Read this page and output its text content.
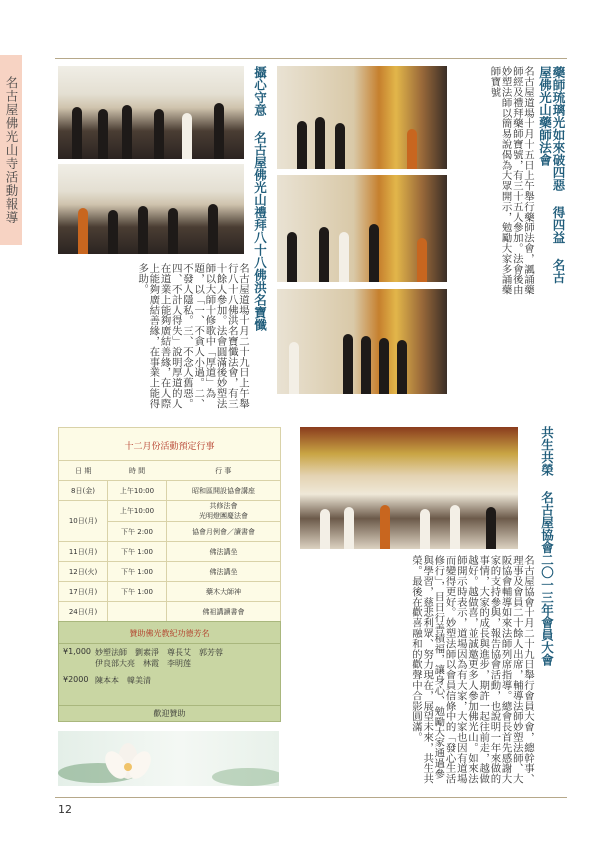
名古屋佛光山寺活動報導
12
藥師琉璃光如來破四惡 得四益 名古屋佛光山藥師法會
名古屋道場十月十五日上午舉行藥師法會，諷誦藥師經及禮拜藥師寶號，有三十五人參加。法會後由妙塑法師以簡易說偈為大眾開示，勉勵大家多誦藥師寶號
攝心守意 名古屋佛光山禮拜八十八佛洪名寶懺
名古屋道場十月二十九日上午舉行八十八佛洪名寶懺法會，有三十餘人參加。法會圓滿後妙塑法師以大師十修歌中「厚道」為題，以「一、不貪人小過。二、不發人隱私。三、不念人舊惡。四、不計人得失」說明厚道的人在道業上能夠廣結善緣，在人際上能夠廣結善緣，在事業上能得多助。
共生共榮 名古屋協會二〇一三年會員大會
名古屋協會十月二十九日舉行會員大會，總幹事、理事及會員二十餘人出席，輔導法師妙塑法師、大阪協會輔導如來法師列席指導。總會長首先感謝大家的支持參與，報告協會活動，也說明一年來做的事情，大家的成長與進步，期許一起往前走，越做越好。越做喜，並誠邀更多人參加佛光山。如來法師開示時表示，道場因為有大家，大家也因有道場而變得更好。妙塑法師以會員信條中的「發心生活修行」，目日行善積福，讓身心、勉勵大家通過參與學習，慈悲利眾、努力現在，展望未來，共生共榮。最後在歡喜融和的歡聲中合影圓滿。
十二月份活動預定行事
日 期	時 間	行 事
8日(金)	上午10:00	昭和區開設協會講座
10日(月)	上午10:00	共修法會
光明燈團慶法會

	下午 2:00	協會月例會／讀書會
11日(月)	下午 1:00	佛法講坐
12日(火)	下午 1:00	佛法講坐
17日(月)	下午 1:00	藥木大師神
24日(月)		佛祖講讀書會
贊助佛光教紀功德芳名
¥1,000 妙塑法師　劉素淨　尊長艾　郭芳蓉
伊良部大亮　林霞　李明莲
¥2000 陳本本　韓美清
歡迎贊助
